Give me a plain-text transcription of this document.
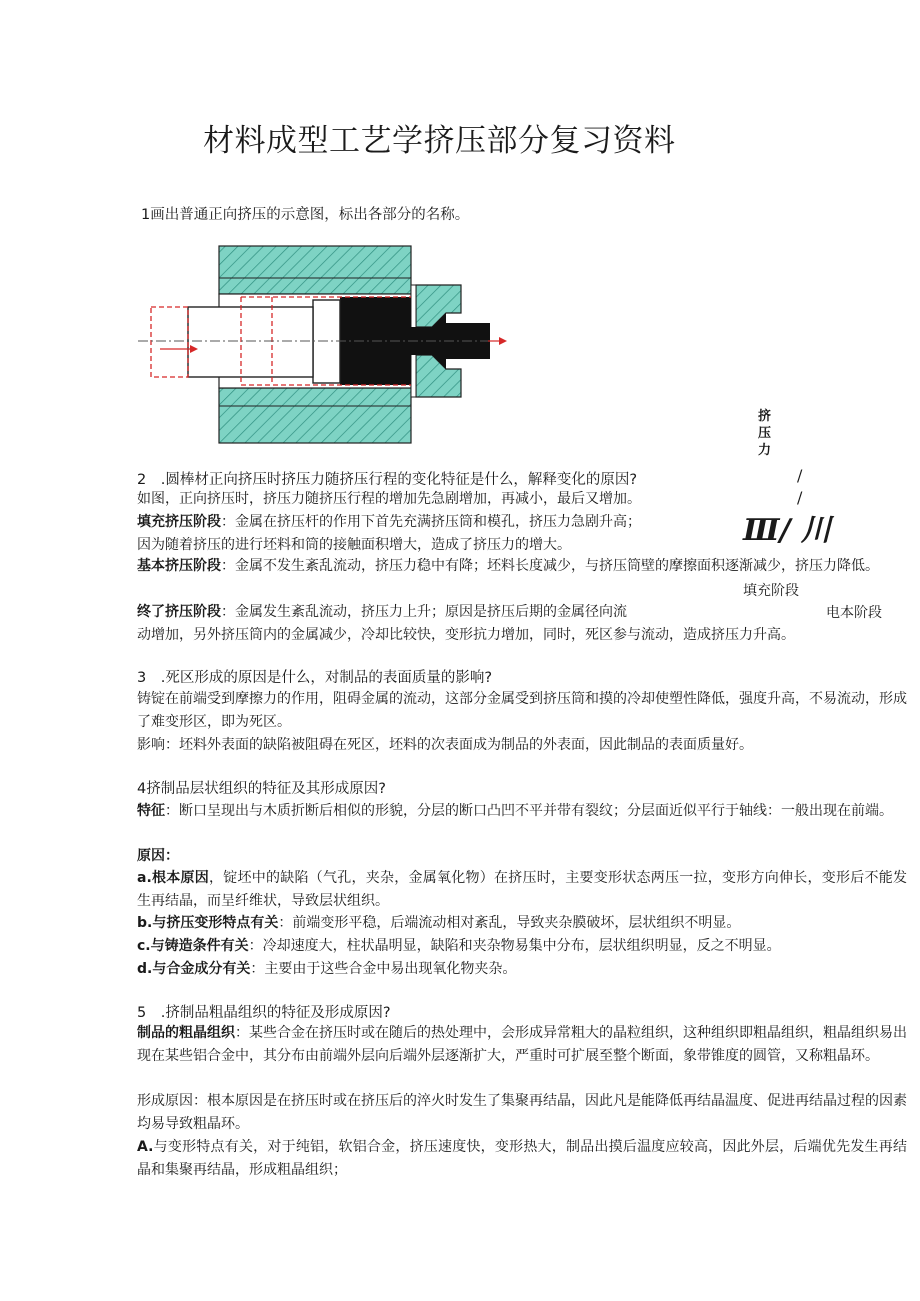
材料成型工艺学挤压部分复习资料
1画出普通正向挤压的示意图，标出各部分的名称。
挤
压
力
/
/
Ⅲ/ 川
填充阶段
电本阶段
2　.圆棒材正向挤压时挤压力随挤压行程的变化特征是什么，解释变化的原因?
如图，正向挤压时，挤压力随挤压行程的增加先急剧增加，再减小，最后又增加。
填充挤压阶段：金属在挤压杆的作用下首先充满挤压筒和模孔，挤压力急剧升高；
因为随着挤压的进行坯料和筒的接触面积增大，造成了挤压力的增大。
基本挤压阶段：金属不发生紊乱流动，挤压力稳中有降；坯料长度减少，与挤压筒壁的摩擦面积逐渐减少，挤压力降低。
终了挤压阶段：金属发生紊乱流动，挤压力上升；原因是挤压后期的金属径向流
动增加，另外挤压筒内的金属减少，冷却比较快，变形抗力增加，同时，死区参与流动，造成挤压力升高。
3　.死区形成的原因是什么，对制品的表面质量的影响?
铸锭在前端受到摩擦力的作用，阻碍金属的流动，这部分金属受到挤压筒和摸的冷却使塑性降低，强度升高，不易流动，形成了难变形区，即为死区。
影响：坯料外表面的缺陷被阻碍在死区，坯料的次表面成为制品的外表面，因此制品的表面质量好。
4挤制品层状组织的特征及其形成原因?
特征：断口呈现出与木质折断后相似的形貌，分层的断口凸凹不平并带有裂纹；分层面近似平行于轴线：一般出现在前端。
原因：
a.根本原因，锭坯中的缺陷（气孔，夹杂，金属氧化物）在挤压时，主要变形状态两压一拉，变形方向伸长，变形后不能发生再结晶，而呈纤维状，导致层状组织。
b.与挤压变形特点有关：前端变形平稳，后端流动相对紊乱，导致夹杂膜破坏，层状组织不明显。
c.与铸造条件有关：冷却速度大，柱状晶明显，缺陷和夹杂物易集中分布，层状组织明显，反之不明显。
d.与合金成分有关：主要由于这些合金中易出现氧化物夹杂。
5　.挤制品粗晶组织的特征及形成原因?
制品的粗晶组织：某些合金在挤压时或在随后的热处理中，会形成异常粗大的晶粒组织，这种组织即粗晶组织，粗晶组织易出现在某些铝合金中，其分布由前端外层向后端外层逐渐扩大，严重时可扩展至整个断面，象带锥度的圆管，又称粗晶环。
形成原因：根本原因是在挤压时或在挤压后的淬火时发生了集聚再结晶，因此凡是能降低再结晶温度、促进再结晶过程的因素均易导致粗晶环。
A.与变形特点有关，对于纯铝，软铝合金，挤压速度快，变形热大，制品出摸后温度应较高，因此外层，后端优先发生再结晶和集聚再结晶，形成粗晶组织；
